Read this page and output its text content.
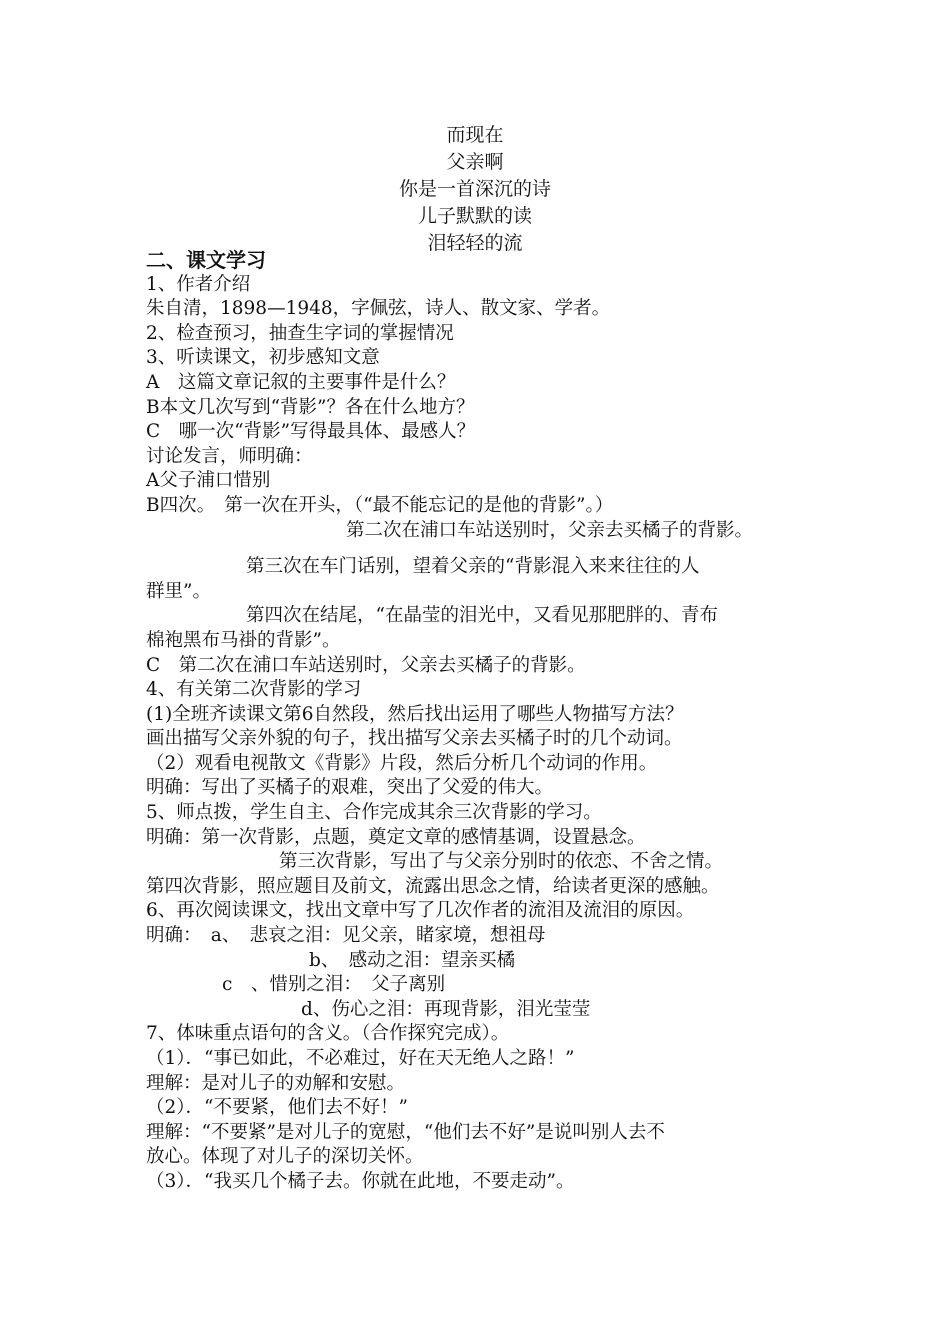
而现在
父亲啊
你是一首深沉的诗
儿子默默的读
泪轻轻的流
二、课文学习
1、作者介绍
朱自清，1898—1948，字佩弦，诗人、散文家、学者。
2、检查预习，抽查生字词的掌握情况
3、听读课文，初步感知文意
A　这篇文章记叙的主要事件是什么？
B本文几次写到“背影”？各在什么地方？
C　哪一次“背影”写得最具体、最感人？
讨论发言，师明确：
A父子浦口惜别
B四次。　第一次在开头，（“最不能忘记的是他的背影”。）
第二次在浦口车站送别时，父亲去买橘子的背影。
第三次在车门话别，望着父亲的“背影混入来来往往的人
群里”。
第四次在结尾，“在晶莹的泪光中，又看见那肥胖的、青布
棉袍黑布马褂的背影”。
C　第二次在浦口车站送别时，父亲去买橘子的背影。
4、有关第二次背影的学习
(1)全班齐读课文第6自然段，然后找出运用了哪些人物描写方法？
画出描写父亲外貌的句子，找出描写父亲去买橘子时的几个动词。
（2）观看电视散文《背影》片段，然后分析几个动词的作用。
明确：写出了买橘子的艰难，突出了父爱的伟大。
5、师点拨，学生自主、合作完成其余三次背影的学习。
明确：第一次背影，点题，奠定文章的感情基调，设置悬念。
第三次背影，写出了与父亲分别时的依恋、不舍之情。
第四次背影，照应题目及前文，流露出思念之情，给读者更深的感触。
6、再次阅读课文，找出文章中写了几次作者的流泪及流泪的原因。
明确：　a、　悲哀之泪：见父亲，睹家境，想祖母
b、　感动之泪：望亲买橘
c　、惜别之泪：　父子离别
d、伤心之泪：再现背影，泪光莹莹
7、体味重点语句的含义。（合作探究完成）。
（1）．“事已如此，不必难过，好在天无绝人之路！”
理解：是对儿子的劝解和安慰。
（2）．“不要紧，他们去不好！”
理解：“不要紧”是对儿子的宽慰，“他们去不好”是说叫别人去不
放心。体现了对儿子的深切关怀。
（3）．“我买几个橘子去。你就在此地，不要走动”。
